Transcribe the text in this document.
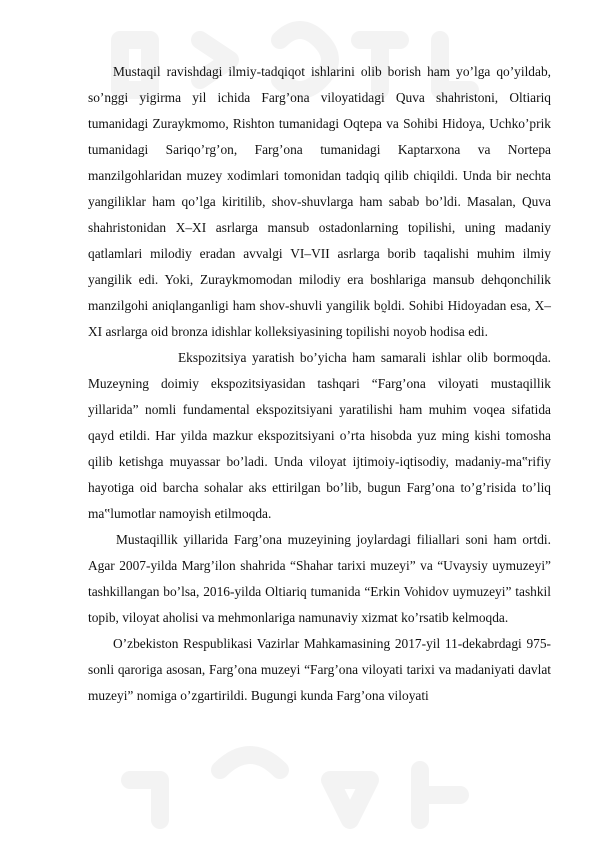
Mustaqil ravishdagi ilmiy-tadqiqot ishlarini olib borish ham yo’lga qo’yildab, so’nggi yigirma yil ichida Farg’ona viloyatidagi Quva shahristoni, Oltiariq tumanidagi Zuraykmomo, Rishton tumanidagi Oqtepa va Sohibi Hidoya, Uchko’prik tumanidagi Sariqo’rg’on, Farg’ona tumanidagi Kaptarxona va Nortepa manzilgohlaridan muzey xodimlari tomonidan tadqiq qilib chiqildi. Unda bir nechta yangiliklar ham qo’lga kiritilib, shov-shuvlarga ham sabab bo’ldi. Masalan, Quva shahristonidan X–XI asrlarga mansub ostadonlarning topilishi, uning madaniy qatlamlari milodiy eradan avvalgi VI–VII asrlarga borib taqalishi muhim ilmiy yangilik edi. Yoki, Zuraykmomodan milodiy era boshlariga mansub dehqonchilik manzilgohi aniqlanganligi ham shov-shuvli yangilik bo̰ldi. Sohibi Hidoyadan esa, X–XI asrlarga oid bronza idishlar kolleksiyasining topilishi noyob hodisa edi.

Ekspozitsiya yaratish bo’yicha ham samarali ishlar olib bormoqda. Muzeyning doimiy ekspozitsiyasidan tashqari “Farg’ona viloyati mustaqillik yillarida” nomli fundamental ekspozitsiyani yaratilishi ham muhim voqea sifatida qayd etildi. Har yilda mazkur ekspozitsiyani o’rta hisobda yuz ming kishi tomosha qilib ketishga muyassar bo’ladi. Unda viloyat ijtimoiy-iqtisodiy, madaniy-ma‟rifiy hayotiga oid barcha sohalar aks ettirilgan bo’lib, bugun Farg’ona to’g’risida to’liq ma‟lumotlar namoyish etilmoqda.

Mustaqillik yillarida Farg’ona muzeyining joylardagi filiallari soni ham ortdi. Agar 2007-yilda Marg’ilon shahrida “Shahar tarixi muzeyi” va “Uvaysiy uymuzeyi” tashkillangan bo’lsa, 2016-yilda Oltiariq tumanida “Erkin Vohidov uymuzeyi” tashkil topib, viloyat aholisi va mehmonlariga namunaviy xizmat ko’rsatib kelmoqda.

O’zbekiston Respublikasi Vazirlar Mahkamasining 2017-yil 11-dekabrdagi 975-sonli qaroriga asosan, Farg’ona muzeyi “Farg’ona viloyati tarixi va madaniyati davlat muzeyi” nomiga o’zgartirildi. Bugungi kunda Farg’ona viloyati
